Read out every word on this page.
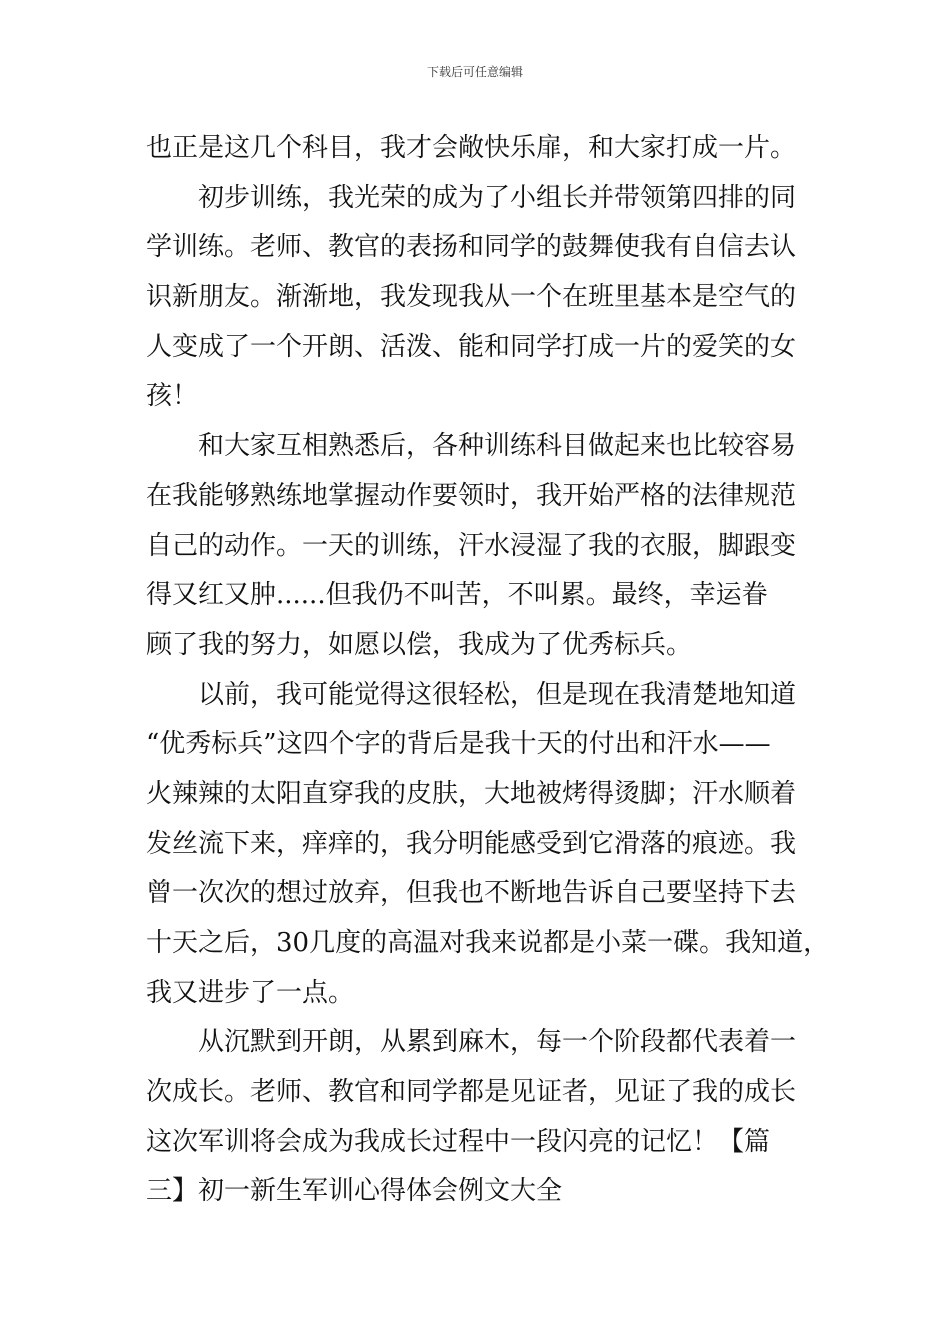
下载后可任意编辑
也正是这几个科目，我才会敞快乐扉，和大家打成一片。
初步训练，我光荣的成为了小组长并带领第四排的同
学训练。老师、教官的表扬和同学的鼓舞使我有自信去认
识新朋友。渐渐地，我发现我从一个在班里基本是空气的
人变成了一个开朗、活泼、能和同学打成一片的爱笑的女
孩！
和大家互相熟悉后，各种训练科目做起来也比较容易
在我能够熟练地掌握动作要领时，我开始严格的法律规范
自己的动作。一天的训练，汗水浸湿了我的衣服，脚跟变
得又红又肿......但我仍不叫苦，不叫累。最终，幸运眷
顾了我的努力，如愿以偿，我成为了优秀标兵。
以前，我可能觉得这很轻松，但是现在我清楚地知道
“优秀标兵”这四个字的背后是我十天的付出和汗水——
火辣辣的太阳直穿我的皮肤，大地被烤得烫脚；汗水顺着
发丝流下来，痒痒的，我分明能感受到它滑落的痕迹。我
曾一次次的想过放弃，但我也不断地告诉自己要坚持下去
十天之后，30几度的高温对我来说都是小菜一碟。我知道，
我又进步了一点。
从沉默到开朗，从累到麻木，每一个阶段都代表着一
次成长。老师、教官和同学都是见证者，见证了我的成长
这次军训将会成为我成长过程中一段闪亮的记忆！【篇
三】初一新生军训心得体会例文大全
